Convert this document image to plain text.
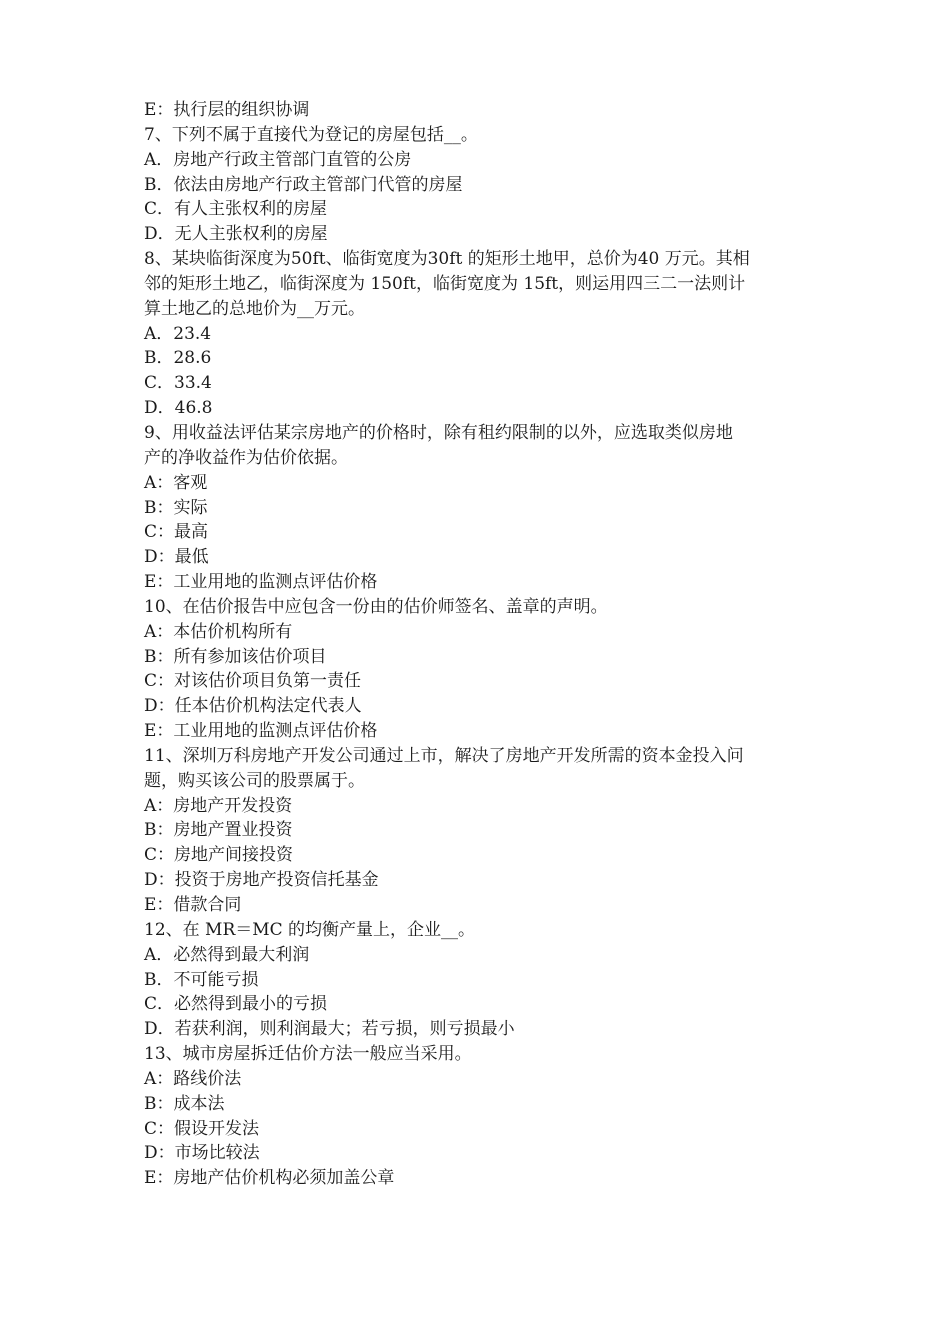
E：执行层的组织协调
7、下列不属于直接代为登记的房屋包括__。
A．房地产行政主管部门直管的公房
B．依法由房地产行政主管部门代管的房屋
C．有人主张权利的房屋
D．无人主张权利的房屋
8、某块临街深度为50ft、临街宽度为30ft 的矩形土地甲，总价为40 万元。其相
邻的矩形土地乙，临街深度为 150ft，临街宽度为 15ft，则运用四三二一法则计
算土地乙的总地价为__万元。
A．23.4
B．28.6
C．33.4
D．46.8
9、用收益法评估某宗房地产的价格时，除有租约限制的以外，应选取类似房地
产的净收益作为估价依据。
A：客观
B：实际
C：最高
D：最低
E：工业用地的监测点评估价格
10、在估价报告中应包含一份由的估价师签名、盖章的声明。
A：本估价机构所有
B：所有参加该估价项目
C：对该估价项目负第一责任
D：任本估价机构法定代表人
E：工业用地的监测点评估价格
11、深圳万科房地产开发公司通过上市，解决了房地产开发所需的资本金投入问
题，购买该公司的股票属于。
A：房地产开发投资
B：房地产置业投资
C：房地产间接投资
D：投资于房地产投资信托基金
E：借款合同
12、在 MR＝MC 的均衡产量上，企业__。
A．必然得到最大利润
B．不可能亏损
C．必然得到最小的亏损
D．若获利润，则利润最大；若亏损，则亏损最小
13、城市房屋拆迁估价方法一般应当采用。
A：路线价法
B：成本法
C：假设开发法
D：市场比较法
E：房地产估价机构必须加盖公章
